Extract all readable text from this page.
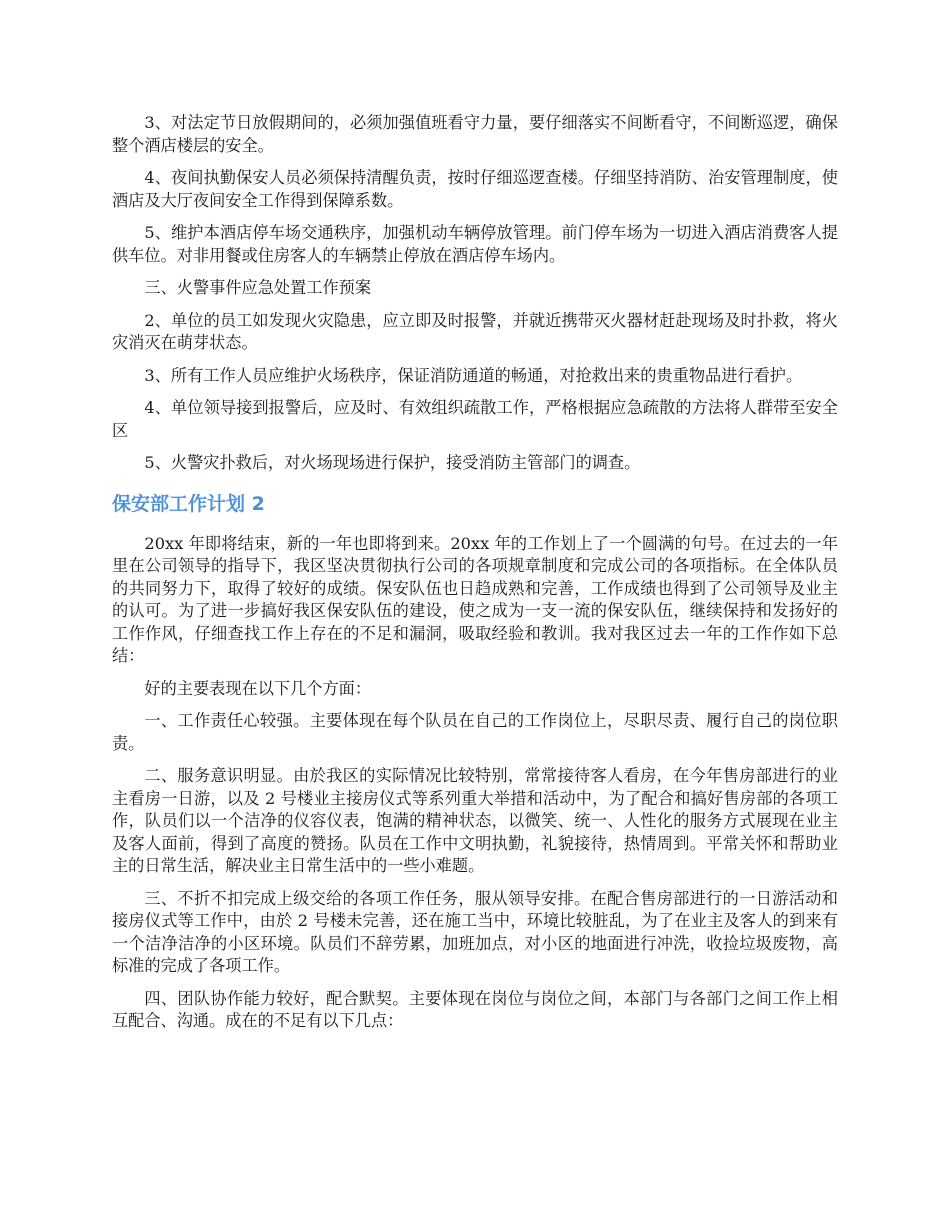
3、对法定节日放假期间的，必须加强值班看守力量，要仔细落实不间断看守，不间断巡逻，确保整个酒店楼层的安全。

4、夜间执勤保安人员必须保持清醒负责，按时仔细巡逻查楼。仔细坚持消防、治安管理制度，使酒店及大厅夜间安全工作得到保障系数。

5、维护本酒店停车场交通秩序，加强机动车辆停放管理。前门停车场为一切进入酒店消费客人提供车位。对非用餐或住房客人的车辆禁止停放在酒店停车场内。

三、火警事件应急处置工作预案

2、单位的员工如发现火灾隐患，应立即及时报警，并就近携带灭火器材赶赴现场及时扑救，将火灾消灭在萌芽状态。

3、所有工作人员应维护火场秩序，保证消防通道的畅通，对抢救出来的贵重物品进行看护。

4、单位领导接到报警后，应及时、有效组织疏散工作，严格根据应急疏散的方法将人群带至安全区

5、火警灾扑救后，对火场现场进行保护，接受消防主管部门的调查。

保安部工作计划 2

20xx 年即将结束，新的一年也即将到来。20xx 年的工作划上了一个圆满的句号。在过去的一年里在公司领导的指导下，我区坚决贯彻执行公司的各项规章制度和完成公司的各项指标。在全体队员的共同努力下，取得了较好的成绩。保安队伍也日趋成熟和完善，工作成绩也得到了公司领导及业主的认可。为了进一步搞好我区保安队伍的建设，使之成为一支一流的保安队伍，继续保持和发扬好的工作作风，仔细查找工作上存在的不足和漏洞，吸取经验和教训。我对我区过去一年的工作作如下总结：

好的主要表现在以下几个方面：

一、工作责任心较强。主要体现在每个队员在自己的工作岗位上，尽职尽责、履行自己的岗位职责。

二、服务意识明显。由於我区的实际情况比较特别，常常接待客人看房，在今年售房部进行的业主看房一日游，以及 2 号楼业主接房仪式等系列重大举措和活动中，为了配合和搞好售房部的各项工作，队员们以一个洁净的仪容仪表，饱满的精神状态，以微笑、统一、人性化的服务方式展现在业主及客人面前，得到了高度的赞扬。队员在工作中文明执勤，礼貌接待，热情周到。平常关怀和帮助业主的日常生活，解决业主日常生活中的一些小难题。

三、不折不扣完成上级交给的各项工作任务，服从领导安排。在配合售房部进行的一日游活动和接房仪式等工作中，由於 2 号楼未完善，还在施工当中，环境比较脏乱，为了在业主及客人的到来有一个洁净洁净的小区环境。队员们不辞劳累，加班加点，对小区的地面进行冲洗，收捡垃圾废物，高标准的完成了各项工作。

四、团队协作能力较好，配合默契。主要体现在岗位与岗位之间，本部门与各部门之间工作上相互配合、沟通。成在的不足有以下几点：
